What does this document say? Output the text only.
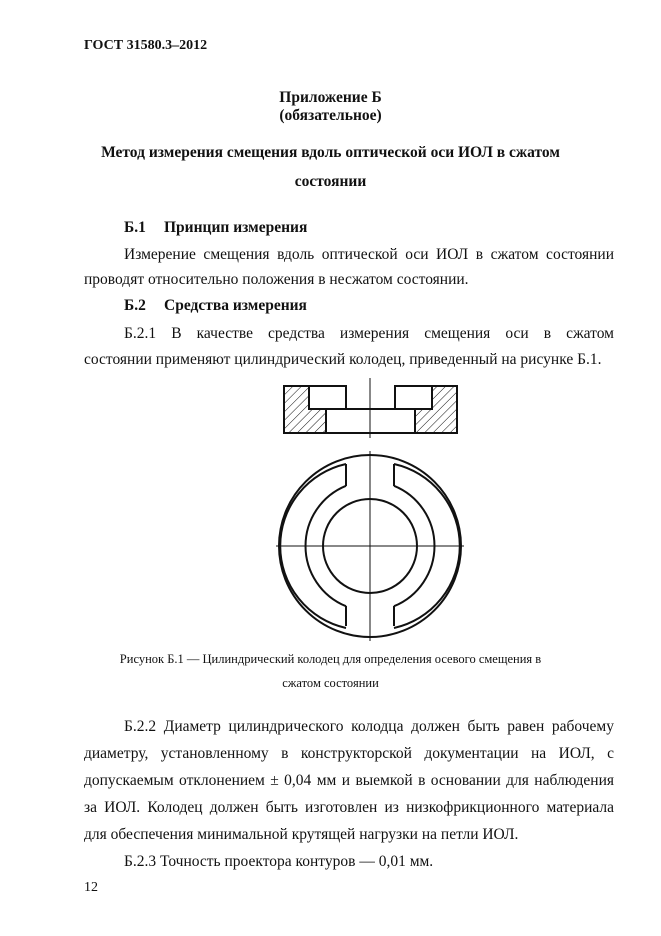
ГОСТ 31580.3–2012
Приложение Б
(обязательное)
Метод измерения смещения вдоль оптической оси ИОЛ в сжатом
состоянии
Б.1 Принцип измерения
Измерение смещения вдоль оптической оси ИОЛ в сжатом состоянии
проводят относительно положения в несжатом состоянии.
Б.2 Средства измерения
Б.2.1 В качестве средства измерения смещения оси в сжатом
состоянии применяют цилиндрический колодец, приведенный на рисунке Б.1.
Рисунок Б.1 — Цилиндрический колодец для определения осевого смещения в
сжатом состоянии
Б.2.2 Диаметр цилиндрического колодца должен быть равен рабочему
диаметру, установленному в конструкторской документации на ИОЛ, с
допускаемым отклонением ± 0,04 мм и выемкой в основании для наблюдения
за ИОЛ. Колодец должен быть изготовлен из низкофрикционного материала
для обеспечения минимальной крутящей нагрузки на петли ИОЛ.
Б.2.3 Точность проектора контуров — 0,01 мм.
12
